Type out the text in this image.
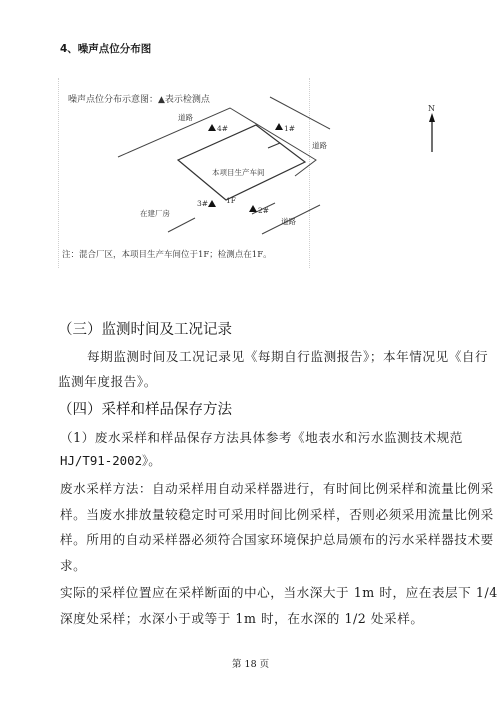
4、噪声点位分布图
噪声点位分布示意图：▲表示检测点
道路
道路
道路
本项目生产车间
在建厂房
1F
1#
2#
3#
4#
N
注：混合厂区，本项目生产车间位于1F；检测点在1F。
（三）监测时间及工况记录
每期监测时间及工况记录见《每期自行监测报告》；本年情况见《自行
监测年度报告》。
（四）采样和样品保存方法
（1）废水采样和样品保存方法具体参考《地表水和污水监测技术规范
HJ/T91-2002》。
废水采样方法：自动采样用自动采样器进行，有时间比例采样和流量比例采
样。当废水排放量较稳定时可采用时间比例采样，否则必须采用流量比例采
样。所用的自动采样器必须符合国家环境保护总局颁布的污水采样器技术要
求。
实际的采样位置应在采样断面的中心，当水深大于 1m 时，应在表层下 1/4
深度处采样；水深小于或等于 1m 时，在水深的 1/2 处采样。
第 18 页
